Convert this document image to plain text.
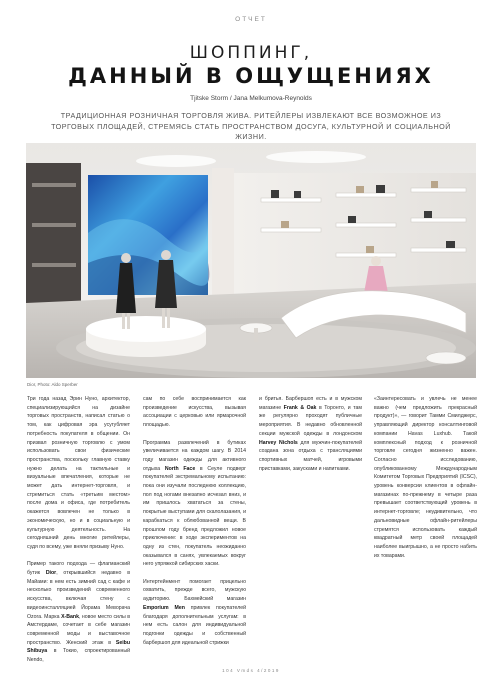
ОТЧЕТ
ШОППИНГ,
ДАННЫЙ В ОЩУЩЕНИЯХ
Tjitske Storm / Jana Melkumova-Reynolds
ТРАДИЦИОННАЯ РОЗНИЧНАЯ ТОРГОВЛЯ ЖИВА. РИТЕЙЛЕРЫ ИЗВЛЕКАЮТ ВСЕ ВОЗМОЖНОЕ ИЗ ТОРГОВЫХ ПЛОЩАДЕЙ, СТРЕМЯСЬ СТАТЬ ПРОСТРАНСТВОМ ДОСУГА, КУЛЬТУРНОЙ И СОЦИАЛЬНОЙ ЖИЗНИ.
Dior, Photo: Aldo Sperber

Три года назад Эрин Нуно, архитектор, специализирующийся на дизайне торговых пространств, написал статью о том, как цифровая эра усугубляет потребность покупателя в общении. Он призвал розничную торговлю с умом использовать свои физические пространства, поскольку главную ставку нужно делать на тактильные и визуальные впечатления, которые не может дать интернет-торговля, и стремиться стать «третьим местом» после дома и офиса, где потребитель окажется вовлечен не только в экономическую, но и в социальную и культурную деятельность. На сегодняшний день многие ритейлеры, судя по всему, уже вняли призыву Нуно.

Пример такого подхода — флагманский бутик Dior, открывшийся недавно в Майами: в нем есть зимний сад с кафе и несколько произведений современного искусства, включая стену с видеоинсталляцией Йорама Меворача Ozora. Марка X-Bank, новое место силы в Амстердаме, сочетает в себе магазин современной моды и выставочное пространство. Женский этаж в Seibu Shibuya в Токио, спроектированный Nendo,

сам по себе воспринимается как произведение искусства, вызывая ассоциации с церковью или ярмарочной площадью.

Программа развлечений в бутиках увеличивается на каждом шагу. В 2014 году магазин одежды для активного отдыха North Face в Сеуле подверг покупателей экстремальному испытанию: пока они изучали последнюю коллекцию, пол под ногами внезапно исчезал вниз, и им пришлось хвататься за стены, покрытые выступами для скалолазания, и карабкаться к облюбованной вещи. В прошлом году бренд предложил новое приключение: в ходе экспериментов на одну из стен, покупатель неожиданно оказывался в санях, увлекаемых вокруг него упряжкой сибирских хаски.

Интертейнмент помогает прицельно охватить, прежде всего, мужскую аудиторию. Бахмейский магазин Emporium Men привлек покупателей благодаря дополнительным услугам: в нем есть салон для индивидуальной подгонки одежды и собственный барбершоп для идеальной стрижки

и бритья. Барбершоп есть и в мужском магазине Frank & Oak в Торонто, и там же регулярно проходят публичные мероприятия. В недавно обновленной секции мужской одежды в лондонском Harvey Nichols для мужчин-покупателей создана зона отдыха с трансляциями спортивных матчей, игровыми приставками, закусками и напитками.

«Заинтересовать и увлечь не менее важно (чем предложить прекрасный продукт)», — говорит Тамми Смилджерс, управляющий директор консалтинговой компании Havas Luxhub. Такой комплексный подход к розничной торговле сегодня жизненно важен. Согласно исследованию, опубликованному Международным Комитетом Торговых Предприятий (ICSC), уровень конверсии клиентов в офлайн-магазинах по-прежнему в четыре раза превышает соответствующий уровень в интернет-торговле; неудивительно, что дальновидные офлайн-ритейлеры стремятся использовать каждый квадратный метр своей площадей наиболее выигрышно, а не просто набить их товарами.

104 Vmds 4/2019
